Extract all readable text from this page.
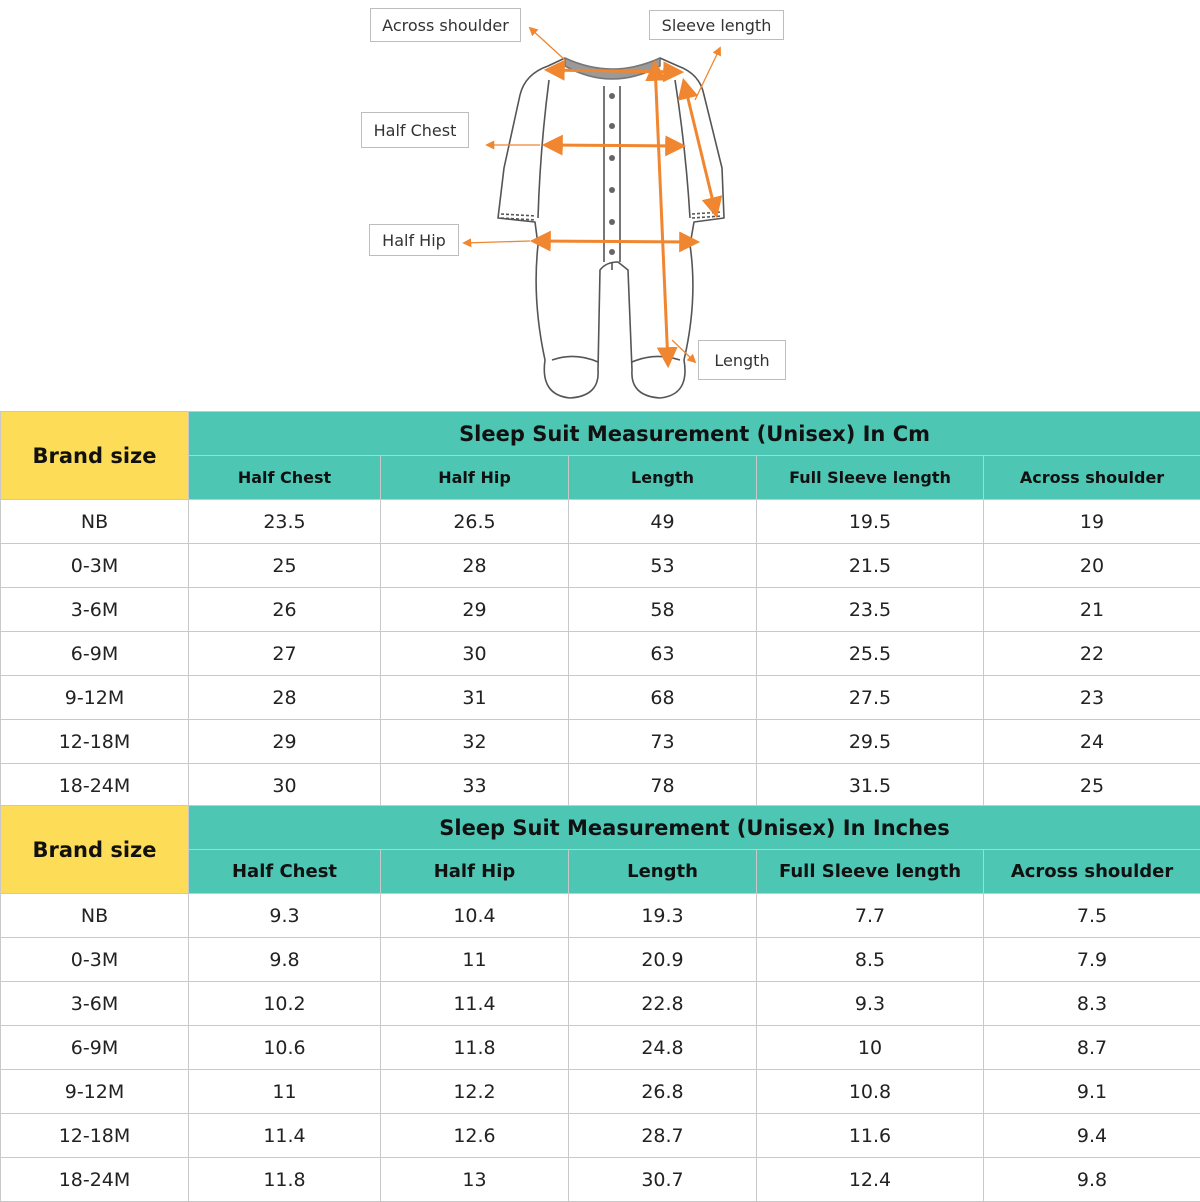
Across shoulder	Sleeve length
Half Chest
Half Hip
Length
Brand size	Sleep Suit Measurement (Unisex) In Cm				
	Half Chest	Half Hip	Length	Full Sleeve length	Across shoulder
NB	23.5	26.5	49	19.5	19
0-3M	25	28	53	21.5	20
3-6M	26	29	58	23.5	21
6-9M	27	30	63	25.5	22
9-12M	28	31	68	27.5	23
12-18M	29	32	73	29.5	24
18-24M	30	33	78	31.5	25
Brand size	Sleep Suit Measurement (Unisex) In Inches				
	Half Chest	Half Hip	Length	Full Sleeve length	Across shoulder
NB	9.3	10.4	19.3	7.7	7.5
0-3M	9.8	11	20.9	8.5	7.9
3-6M	10.2	11.4	22.8	9.3	8.3
6-9M	10.6	11.8	24.8	10	8.7
9-12M	11	12.2	26.8	10.8	9.1
12-18M	11.4	12.6	28.7	11.6	9.4
18-24M	11.8	13	30.7	12.4	9.8
